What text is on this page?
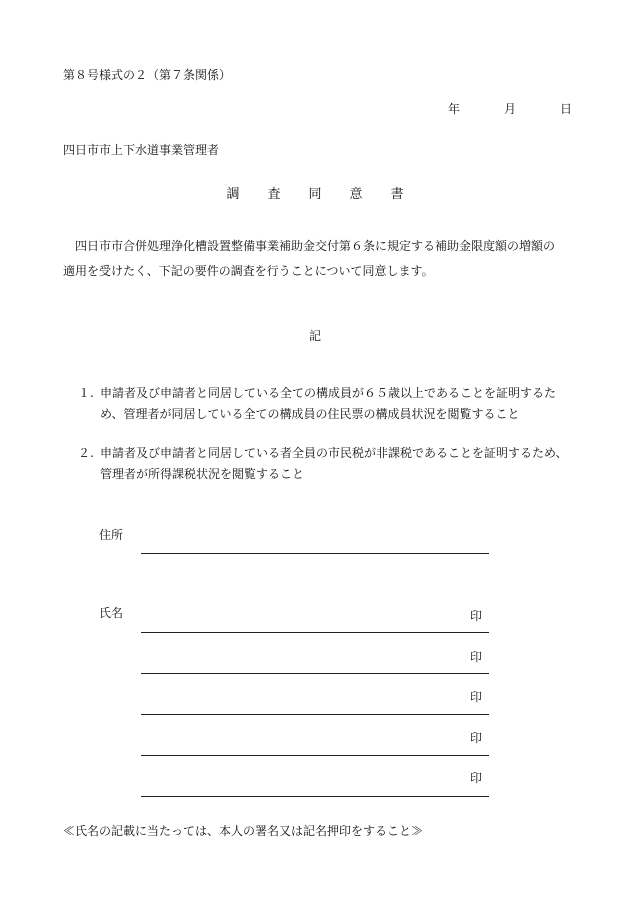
第８号様式の２（第７条関係）
年	月	日
四日市市上下水道事業管理者
調 査 同 意 書
四日市市合併処理浄化槽設置整備事業補助金交付第６条に規定する補助金限度額の増額の
適用を受けたく、下記の要件の調査を行うことについて同意します。
記
１. 申請者及び申請者と同居している全ての構成員が６５歳以上であることを証明するた
め、管理者が同居している全ての構成員の住民票の構成員状況を閲覧すること
２. 申請者及び申請者と同居している者全員の市民税が非課税であることを証明するため、
管理者が所得課税状況を閲覧すること
住所
氏名	印
印
印
印
印
≪氏名の記載に当たっては、本人の署名又は記名押印をすること≫
